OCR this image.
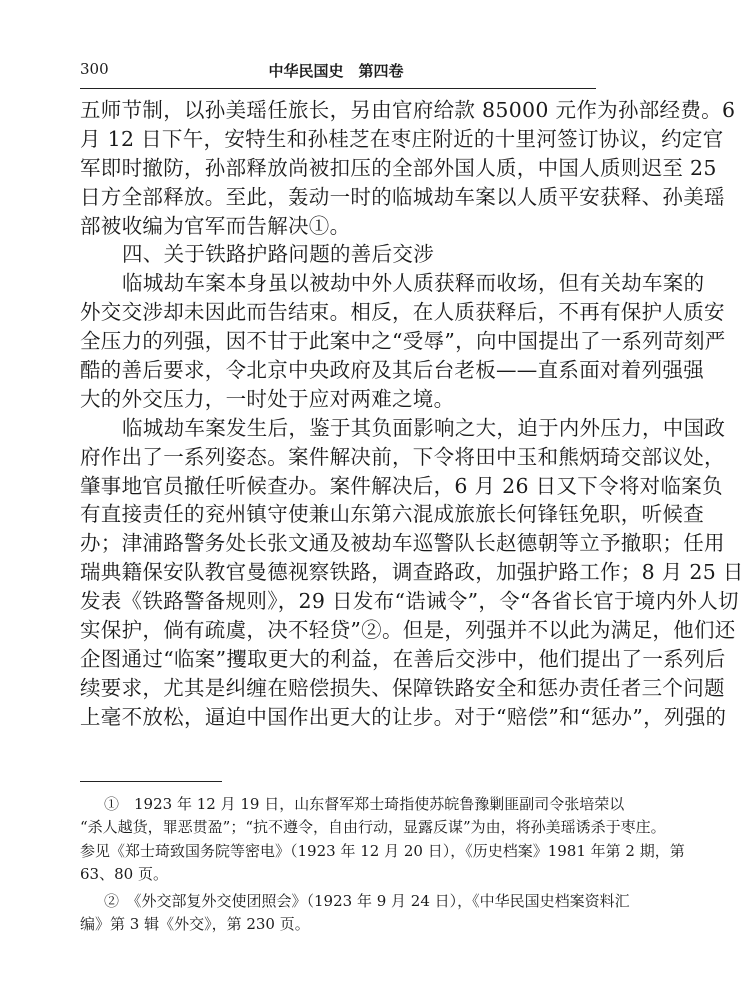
300	中华民国史　第四卷
五师节制，以孙美瑶任旅长，另由官府给款 85000 元作为孙部经费。6
月 12 日下午，安特生和孙桂芝在枣庄附近的十里河签订协议，约定官
军即时撤防，孙部释放尚被扣压的全部外国人质，中国人质则迟至 25
日方全部释放。至此，轰动一时的临城劫车案以人质平安获释、孙美瑶
部被收编为官军而告解决①。
四、关于铁路护路问题的善后交涉
临城劫车案本身虽以被劫中外人质获释而收场，但有关劫车案的
外交交涉却未因此而告结束。相反，在人质获释后，不再有保护人质安
全压力的列强，因不甘于此案中之“受辱”，向中国提出了一系列苛刻严
酷的善后要求，令北京中央政府及其后台老板——直系面对着列强强
大的外交压力，一时处于应对两难之境。
临城劫车案发生后，鉴于其负面影响之大，迫于内外压力，中国政
府作出了一系列姿态。案件解决前，下令将田中玉和熊炳琦交部议处，
肇事地官员撤任听候查办。案件解决后，6 月 26 日又下令将对临案负
有直接责任的兖州镇守使兼山东第六混成旅旅长何锋钰免职，听候查
办；津浦路警务处长张文通及被劫车巡警队长赵德朝等立予撤职；任用
瑞典籍保安队教官曼德视察铁路，调查路政，加强护路工作；8 月 25 日
发表《铁路警备规则》，29 日发布“诰诫令”，令“各省长官于境内外人切
实保护，倘有疏虞，决不轻贷”②。但是，列强并不以此为满足，他们还
企图通过“临案”攫取更大的利益，在善后交涉中，他们提出了一系列后
续要求，尤其是纠缠在赔偿损失、保障铁路安全和惩办责任者三个问题
上毫不放松，逼迫中国作出更大的让步。对于“赔偿”和“惩办”，列强的
①　1923 年 12 月 19 日，山东督军郑士琦指使苏皖鲁豫剿匪副司令张培荣以
“杀人越货，罪恶贯盈”；“抗不遵令，自由行动，显露反谋”为由，将孙美瑶诱杀于枣庄。
参见《郑士琦致国务院等密电》（1923 年 12 月 20 日），《历史档案》1981 年第 2 期，第
63、80 页。
②　《外交部复外交使团照会》（1923 年 9 月 24 日），《中华民国史档案资料汇
编》第 3 辑《外交》，第 230 页。
